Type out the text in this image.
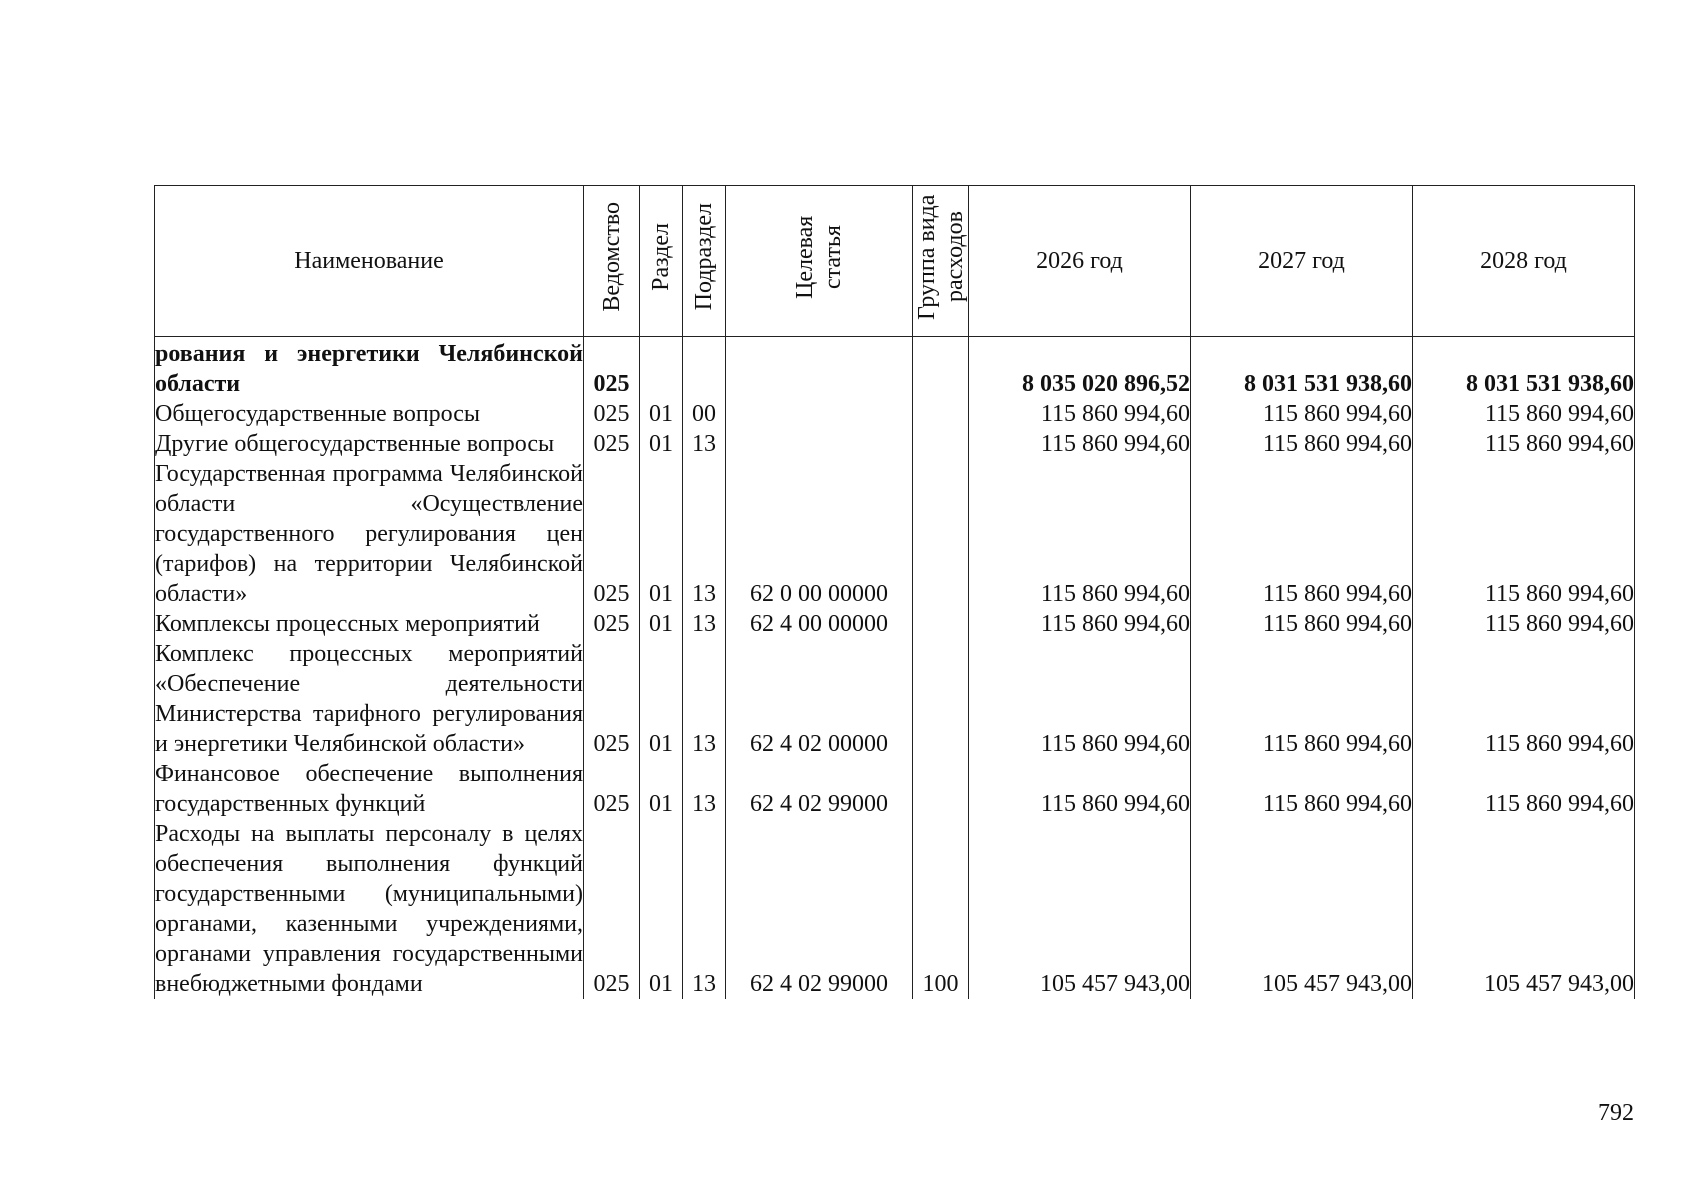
Наименование	Ведомство	Раздел	Подраздел	Целевая статья	Группа вида расходов	2026 год	2027 год	2028 год
рования и энергетики Челябинской области	025					8 035 020 896,52	8 031 531 938,60	8 031 531 938,60
Общегосударственные вопросы	025	01	00			115 860 994,60	115 860 994,60	115 860 994,60
Другие общегосударственные вопросы	025	01	13			115 860 994,60	115 860 994,60	115 860 994,60
Государственная программа Челябинской области «Осуществление государственного регулирования цен (тарифов) на территории Челябинской области»	025	01	13	62 0 00 00000		115 860 994,60	115 860 994,60	115 860 994,60
Комплексы процессных мероприятий	025	01	13	62 4 00 00000		115 860 994,60	115 860 994,60	115 860 994,60
Комплекс процессных мероприятий «Обеспечение деятельности Министерства тарифного регулирования и энергетики Челябинской области»	025	01	13	62 4 02 00000		115 860 994,60	115 860 994,60	115 860 994,60
Финансовое обеспечение выполнения государственных функций	025	01	13	62 4 02 99000		115 860 994,60	115 860 994,60	115 860 994,60
Расходы на выплаты персоналу в целях обеспечения выполнения функций государственными (муниципальными) органами, казенными учреждениями, органами управления государственными внебюджетными фондами	025	01	13	62 4 02 99000	100	105 457 943,00	105 457 943,00	105 457 943,00
792
